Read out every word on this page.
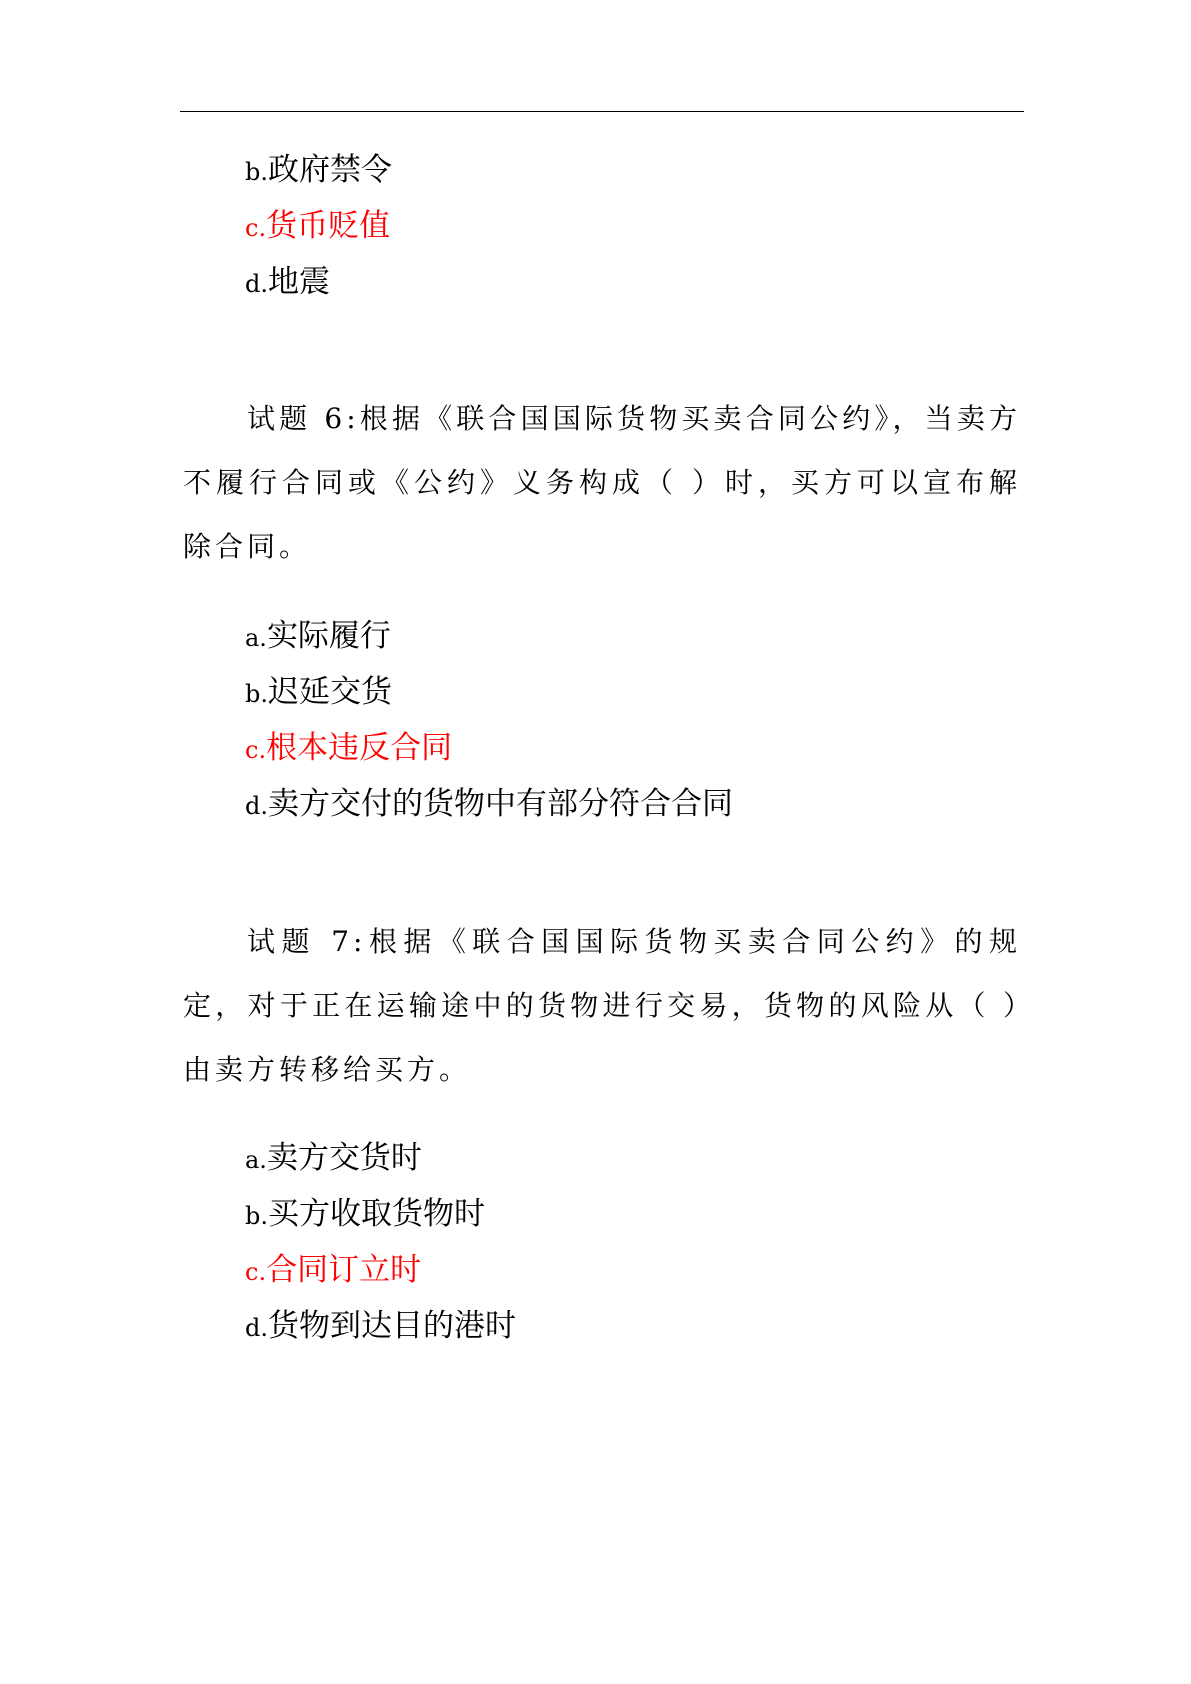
b.政府禁令
c.货币贬值
d.地震
试题 6:根据《联合国国际货物买卖合同公约》，当卖方不履行合同或《公约》义务构成（ ）时，买方可以宣布解除合同。
a.实际履行
b.迟延交货
c.根本违反合同
d.卖方交付的货物中有部分符合合同
试题 7:根据《联合国国际货物买卖合同公约》的规定，对于正在运输途中的货物进行交易，货物的风险从（ ）由卖方转移给买方。
a.卖方交货时
b.买方收取货物时
c.合同订立时
d.货物到达目的港时
